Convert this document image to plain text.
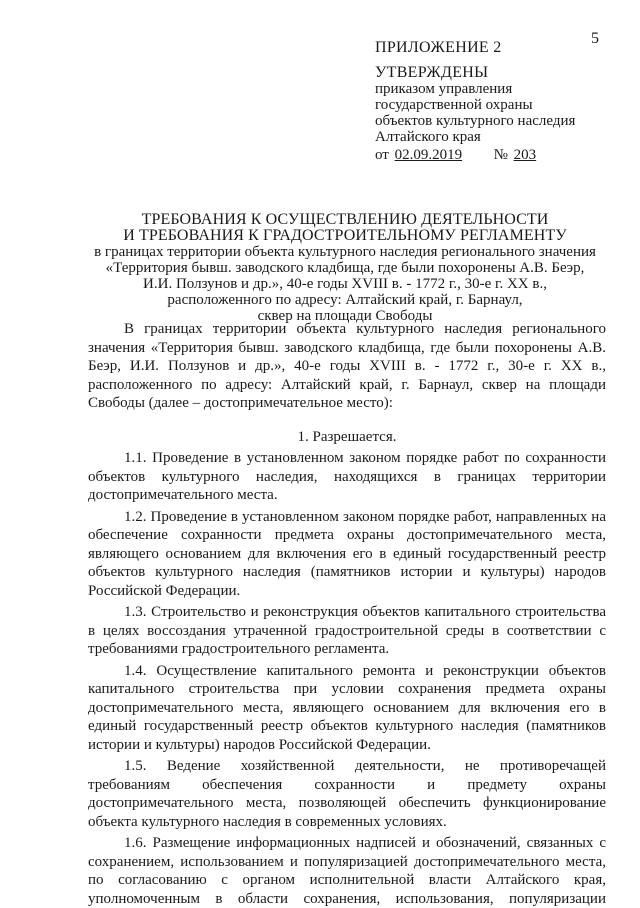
5
ПРИЛОЖЕНИЕ 2
УТВЕРЖДЕНЫ
приказом управления
государственной охраны
объектов культурного наследия
Алтайского края
от 02.09.2019 № 203
ТРЕБОВАНИЯ К ОСУЩЕСТВЛЕНИЮ ДЕЯТЕЛЬНОСТИ
И ТРЕБОВАНИЯ К ГРАДОСТРОИТЕЛЬНОМУ РЕГЛАМЕНТУ
в границах территории объекта культурного наследия регионального значения
«Территория бывш. заводского кладбища, где были похоронены А.В. Беэр,
И.И. Ползунов и др.», 40-е годы XVIII в. - 1772 г., 30-е г. XX в.,
расположенного по адресу: Алтайский край, г. Барнаул,
сквер на площади Свободы

В границах территории объекта культурного наследия регионального значения «Территория бывш. заводского кладбища, где были похоронены А.В. Беэр, И.И. Ползунов и др.», 40-е годы XVIII в. - 1772 г., 30-е г. XX в., расположенного по адресу: Алтайский край, г. Барнаул, сквер на площади Свободы (далее – достопримечательное место):

1. Разрешается.

1.1. Проведение в установленном законом порядке работ по сохранности объектов культурного наследия, находящихся в границах территории достопримечательного места.

1.2. Проведение в установленном законом порядке работ, направленных на обеспечение сохранности предмета охраны достопримечательного места, являющего основанием для включения его в единый государственный реестр объектов культурного наследия (памятников истории и культуры) народов Российской Федерации.

1.3. Строительство и реконструкция объектов капитального строительства в целях воссоздания утраченной градостроительной среды в соответствии с требованиями градостроительного регламента.

1.4. Осуществление капитального ремонта и реконструкции объектов капитального строительства при условии сохранения предмета охраны достопримечательного места, являющего основанием для включения его в единый государственный реестр объектов культурного наследия (памятников истории и культуры) народов Российской Федерации.

1.5. Ведение хозяйственной деятельности, не противоречащей требованиям обеспечения сохранности и предмету охраны достопримечательного места, позволяющей обеспечить функционирование объекта культурного наследия в современных условиях.

1.6. Размещение информационных надписей и обозначений, связанных с сохранением, использованием и популяризацией достопримечательного места, по согласованию с органом исполнительной власти Алтайского края, уполномоченным в области сохранения, использования, популяризации
